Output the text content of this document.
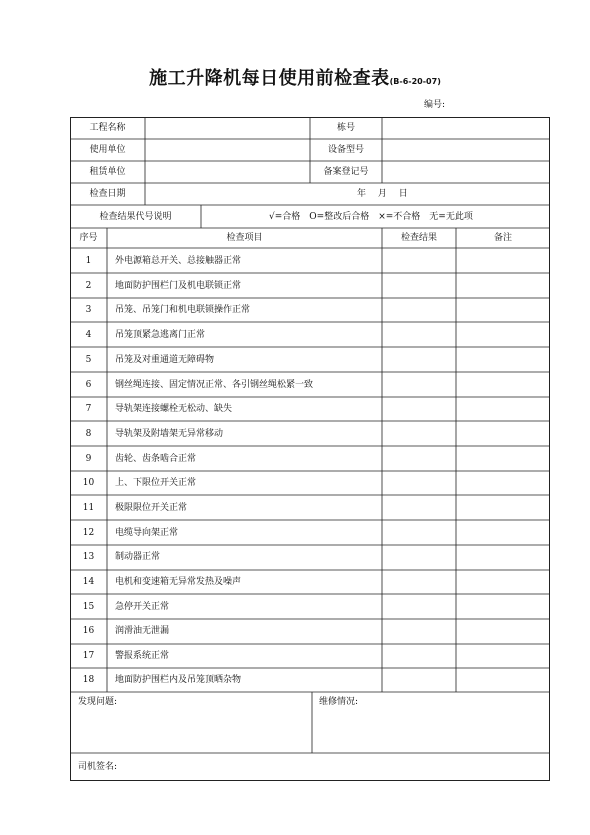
施工升降机每日使用前检查表(B-6-20-07)
编号:
工程名称	栋号
使用单位	设备型号
租赁单位	备案登记号
检查日期	年　 月　 日
检查结果代号说明	√=合格　O=整改后合格　×=不合格　无=无此项
序号	检查项目	检查结果	备注
1	外电源箱总开关、总接触器正常
2	地面防护围栏门及机电联锁正常
3	吊笼、吊笼门和机电联锁操作正常
4	吊笼顶紧急逃离门正常
5	吊笼及对重通道无障碍物
6	钢丝绳连接、固定情况正常、各引钢丝绳松紧一致
7	导轨架连接螺栓无松动、缺失
8	导轨架及附墙架无异常移动
9	齿轮、齿条啮合正常
10	上、下限位开关正常
11	极限限位开关正常
12	电缆导向架正常
13	制动器正常
14	电机和变速箱无异常发热及噪声
15	急停开关正常
16	润滑油无泄漏
17	警报系统正常
18	地面防护围栏内及吊笼顶晒杂物
发现问题:	维修情况:
司机签名:
